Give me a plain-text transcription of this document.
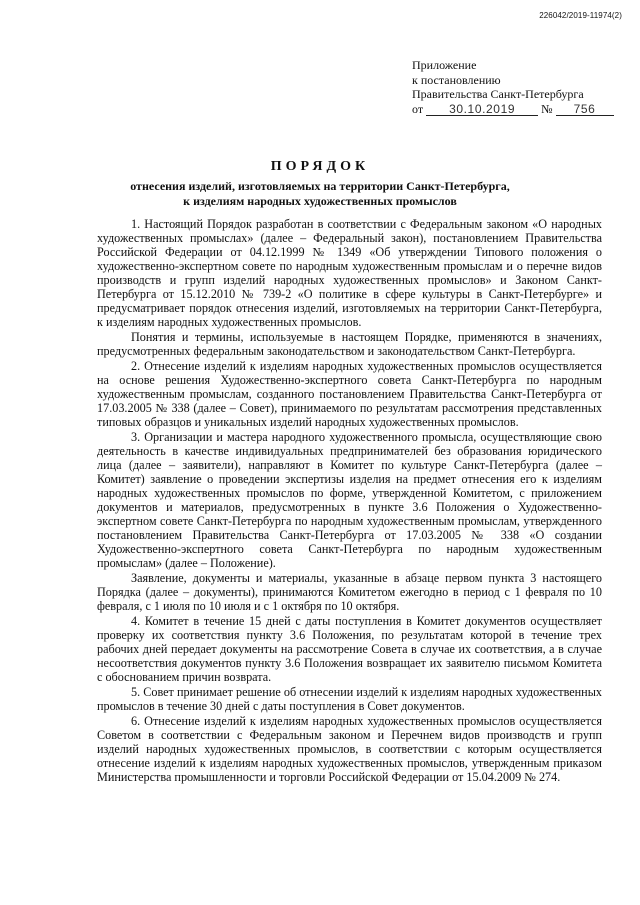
226042/2019-11974(2)
Приложение
к постановлению
Правительства Санкт-Петербурга
от 30.10.2019 № 756
ПОРЯДОК
отнесения изделий, изготовляемых на территории Санкт-Петербурга,
к изделиям народных художественных промыслов

1. Настоящий Порядок разработан в соответствии с Федеральным законом «О народных художественных промыслах» (далее – Федеральный закон), постановлением Правительства Российской Федерации от 04.12.1999 № 1349 «Об утверждении Типового положения о художественно-экспертном совете по народным художественным промыслам и о перечне видов производств и групп изделий народных художественных промыслов» и Законом Санкт-Петербурга от 15.12.2010 № 739-2 «О политике в сфере культуры в Санкт-Петербурге» и предусматривает порядок отнесения изделий, изготовляемых на территории Санкт-Петербурга, к изделиям народных художественных промыслов.

Понятия и термины, используемые в настоящем Порядке, применяются в значениях, предусмотренных федеральным законодательством и законодательством Санкт-Петербурга.

2. Отнесение изделий к изделиям народных художественных промыслов осуществляется на основе решения Художественно-экспертного совета Санкт-Петербурга по народным художественным промыслам, созданного постановлением Правительства Санкт-Петербурга от 17.03.2005 № 338 (далее – Совет), принимаемого по результатам рассмотрения представленных типовых образцов и уникальных изделий народных художественных промыслов.

3. Организации и мастера народного художественного промысла, осуществляющие свою деятельность в качестве индивидуальных предпринимателей без образования юридического лица (далее – заявители), направляют в Комитет по культуре Санкт-Петербурга (далее – Комитет) заявление о проведении экспертизы изделия на предмет отнесения его к изделиям народных художественных промыслов по форме, утвержденной Комитетом, с приложением документов и материалов, предусмотренных в пункте 3.6 Положения о Художественно-экспертном совете Санкт-Петербурга по народным художественным промыслам, утвержденного постановлением Правительства Санкт-Петербурга от 17.03.2005 № 338 «О создании Художественно-экспертного совета Санкт-Петербурга по народным художественным промыслам» (далее – Положение).

Заявление, документы и материалы, указанные в абзаце первом пункта 3 настоящего Порядка (далее – документы), принимаются Комитетом ежегодно в период с 1 февраля по 10 февраля, с 1 июля по 10 июля и с 1 октября по 10 октября.

4. Комитет в течение 15 дней с даты поступления в Комитет документов осуществляет проверку их соответствия пункту 3.6 Положения, по результатам которой в течение трех рабочих дней передает документы на рассмотрение Совета в случае их соответствия, а в случае несоответствия документов пункту 3.6 Положения возвращает их заявителю письмом Комитета с обоснованием причин возврата.

5. Совет принимает решение об отнесении изделий к изделиям народных художественных промыслов в течение 30 дней с даты поступления в Совет документов.

6. Отнесение изделий к изделиям народных художественных промыслов осуществляется Советом в соответствии с Федеральным законом и Перечнем видов производств и групп изделий народных художественных промыслов, в соответствии с которым осуществляется отнесение изделий к изделиям народных художественных промыслов, утвержденным приказом Министерства промышленности и торговли Российской Федерации от 15.04.2009 № 274.
